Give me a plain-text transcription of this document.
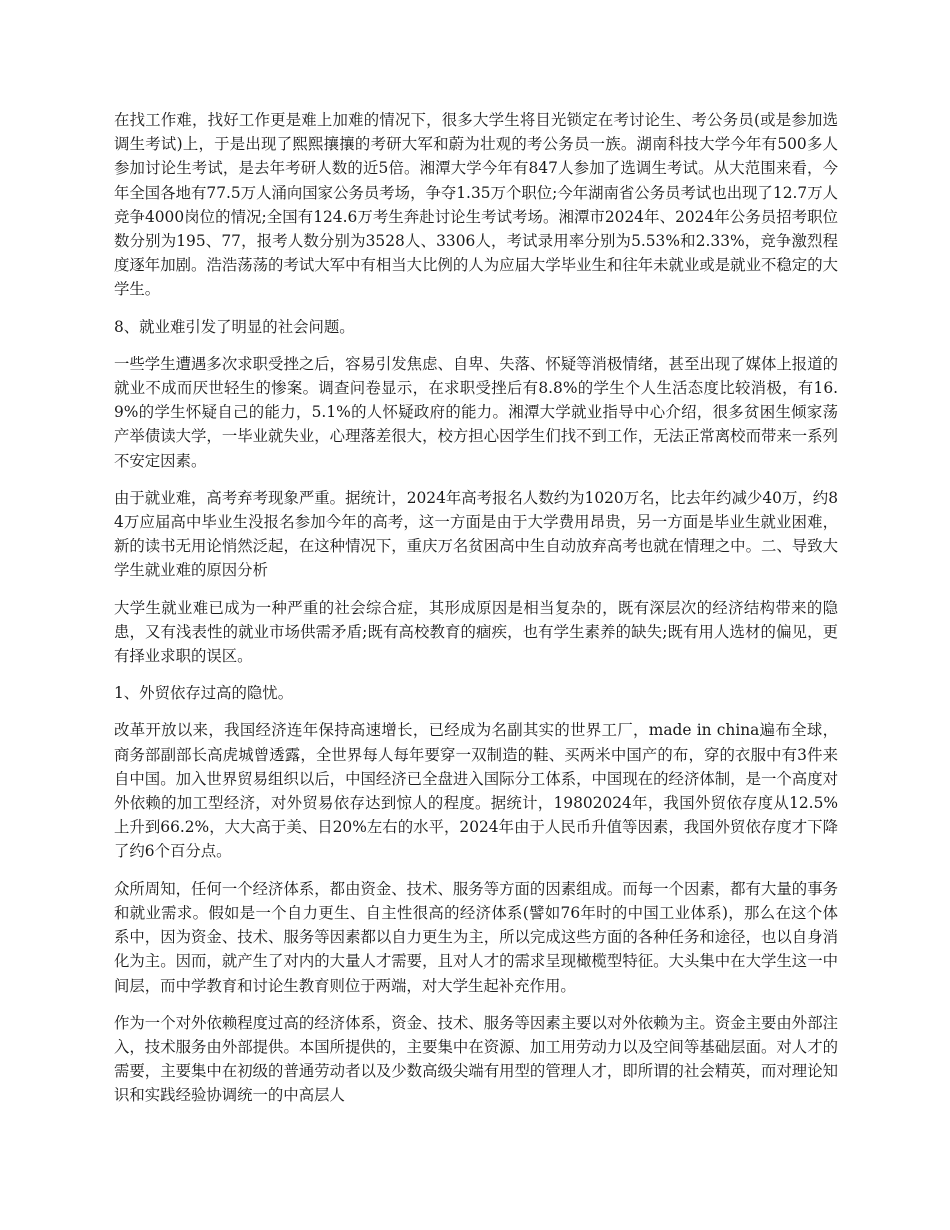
在找工作难，找好工作更是难上加难的情况下，很多大学生将目光锁定在考讨论生、考公务员(或是参加选调生考试)上，于是出现了熙熙攘攘的考研大军和蔚为壮观的考公务员一族。湖南科技大学今年有500多人参加讨论生考试，是去年考研人数的近5倍。湘潭大学今年有847人参加了选调生考试。从大范围来看，今年全国各地有77.5万人涌向国家公务员考场，争夺1.35万个职位;今年湖南省公务员考试也出现了12.7万人竞争4000岗位的情况;全国有124.6万考生奔赴讨论生考试考场。湘潭市2024年、2024年公务员招考职位数分别为195、77，报考人数分别为3528人、3306人，考试录用率分别为5.53%和2.33%，竞争激烈程度逐年加剧。浩浩荡荡的考试大军中有相当大比例的人为应届大学毕业生和往年未就业或是就业不稳定的大学生。

8、就业难引发了明显的社会问题。

一些学生遭遇多次求职受挫之后，容易引发焦虑、自卑、失落、怀疑等消极情绪，甚至出现了媒体上报道的就业不成而厌世轻生的惨案。调查问卷显示，在求职受挫后有8.8%的学生个人生活态度比较消极，有16.9%的学生怀疑自己的能力，5.1%的人怀疑政府的能力。湘潭大学就业指导中心介绍，很多贫困生倾家荡产举债读大学，一毕业就失业，心理落差很大，校方担心因学生们找不到工作，无法正常离校而带来一系列不安定因素。

由于就业难，高考弃考现象严重。据统计，2024年高考报名人数约为1020万名，比去年约减少40万，约84万应届高中毕业生没报名参加今年的高考，这一方面是由于大学费用昂贵，另一方面是毕业生就业困难，新的读书无用论悄然泛起，在这种情况下，重庆万名贫困高中生自动放弃高考也就在情理之中。二、导致大学生就业难的原因分析

大学生就业难已成为一种严重的社会综合症，其形成原因是相当复杂的，既有深层次的经济结构带来的隐患，又有浅表性的就业市场供需矛盾;既有高校教育的痼疾，也有学生素养的缺失;既有用人选材的偏见，更有择业求职的误区。

1、外贸依存过高的隐忧。

改革开放以来，我国经济连年保持高速增长，已经成为名副其实的世界工厂，made in china遍布全球，商务部副部长高虎城曾透露，全世界每人每年要穿一双制造的鞋、买两米中国产的布，穿的衣服中有3件来自中国。加入世界贸易组织以后，中国经济已全盘进入国际分工体系，中国现在的经济体制，是一个高度对外依赖的加工型经济，对外贸易依存达到惊人的程度。据统计，19802024年，我国外贸依存度从12.5%上升到66.2%，大大高于美、日20%左右的水平，2024年由于人民币升值等因素，我国外贸依存度才下降了约6个百分点。

众所周知，任何一个经济体系，都由资金、技术、服务等方面的因素组成。而每一个因素，都有大量的事务和就业需求。假如是一个自力更生、自主性很高的经济体系(譬如76年时的中国工业体系)，那么在这个体系中，因为资金、技术、服务等因素都以自力更生为主，所以完成这些方面的各种任务和途径，也以自身消化为主。因而，就产生了对内的大量人才需要，且对人才的需求呈现橄榄型特征。大头集中在大学生这一中间层，而中学教育和讨论生教育则位于两端，对大学生起补充作用。

作为一个对外依赖程度过高的经济体系，资金、技术、服务等因素主要以对外依赖为主。资金主要由外部注入，技术服务由外部提供。本国所提供的，主要集中在资源、加工用劳动力以及空间等基础层面。对人才的需要，主要集中在初级的普通劳动者以及少数高级尖端有用型的管理人才，即所谓的社会精英，而对理论知识和实践经验协调统一的中高层人
